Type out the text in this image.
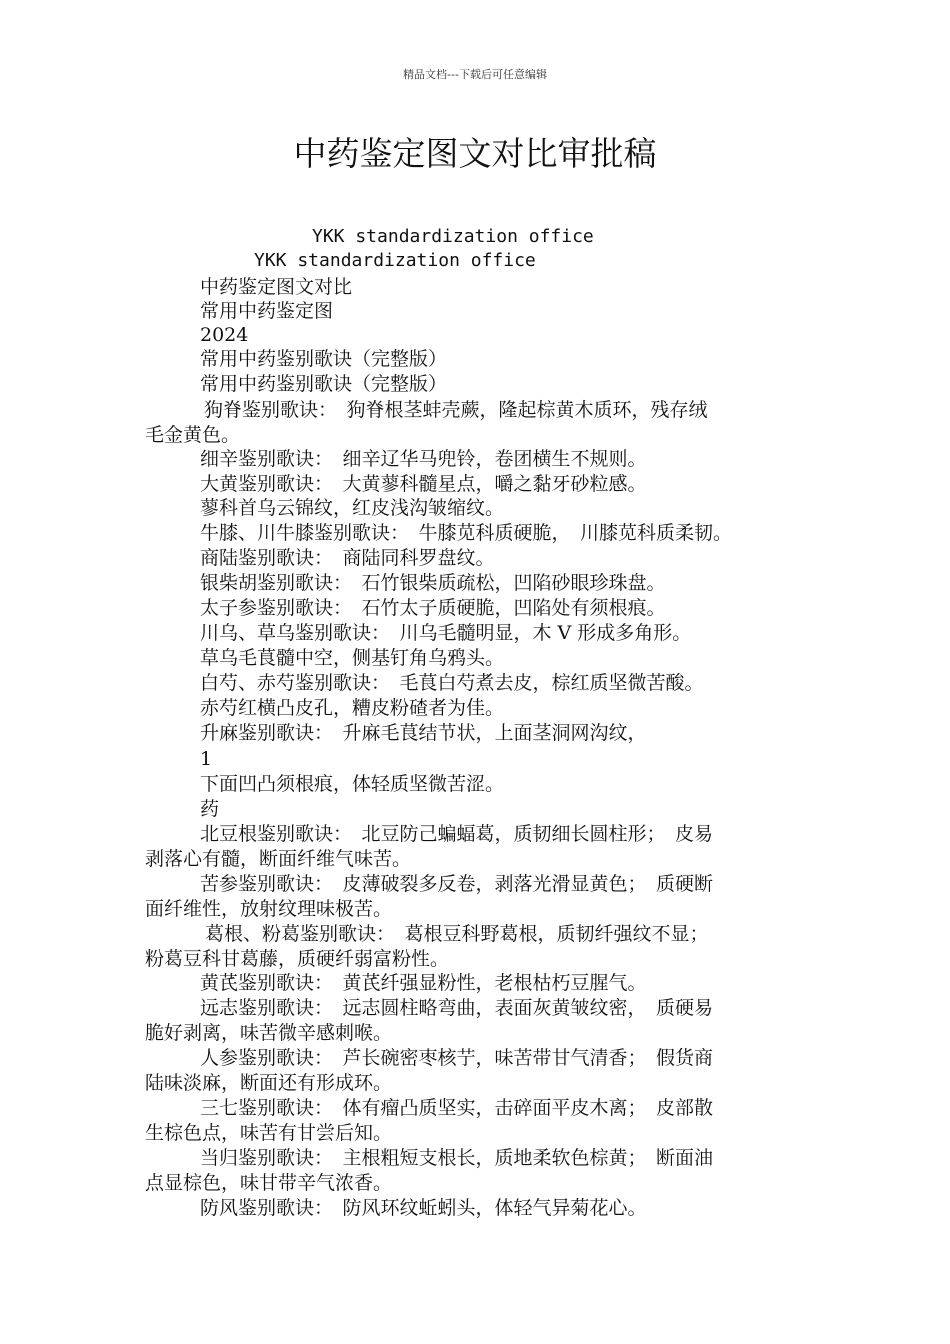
精品文档---下载后可任意编辑
中药鉴定图文对比审批稿
YKK standardization office
YKK standardization office
中药鉴定图文对比
常用中药鉴定图
2024
常用中药鉴别歌诀（完整版）
常用中药鉴别歌诀（完整版）
狗脊鉴别歌诀：　狗脊根茎蚌壳蕨，隆起棕黄木质环，残存绒
毛金黄色。
细辛鉴别歌诀：　细辛辽华马兜铃，卷团横生不规则。
大黄鉴别歌诀：　大黄蓼科髓星点，嚼之黏牙砂粒感。
蓼科首乌云锦纹，红皮浅沟皱缩纹。
牛膝、川牛膝鉴别歌诀：　牛膝苋科质硬脆，　川膝苋科质柔韧。
商陆鉴别歌诀：　商陆同科罗盘纹。
银柴胡鉴别歌诀：　石竹银柴质疏松，凹陷砂眼珍珠盘。
太子参鉴别歌诀：　石竹太子质硬脆，凹陷处有须根痕。
川乌、草乌鉴别歌诀：　川乌毛髓明显，木 V 形成多角形。
草乌毛茛髓中空，侧基钉角乌鸦头。
白芍、赤芍鉴别歌诀：　毛茛白芍煮去皮，棕红质坚微苦酸。
赤芍红横凸皮孔，糟皮粉碴者为佳。
升麻鉴别歌诀：　升麻毛茛结节状，上面茎洞网沟纹，
1
下面凹凸须根痕，体轻质坚微苦涩。
药
北豆根鉴别歌诀：　北豆防己蝙蝠葛，质韧细长圆柱形；　皮易
剥落心有髓，断面纤维气味苦。
苦参鉴别歌诀：　皮薄破裂多反卷，剥落光滑显黄色；　质硬断
面纤维性，放射纹理味极苦。
葛根、粉葛鉴别歌诀：　葛根豆科野葛根，质韧纤强纹不显；
粉葛豆科甘葛藤，质硬纤弱富粉性。
黄芪鉴别歌诀：　黄芪纤强显粉性，老根枯朽豆腥气。
远志鉴别歌诀：　远志圆柱略弯曲，表面灰黄皱纹密，　质硬易
脆好剥离，味苦微辛感刺喉。
人参鉴别歌诀：　芦长碗密枣核艼，味苦带甘气清香；　假货商
陆味淡麻，断面还有形成环。
三七鉴别歌诀：　体有瘤凸质坚实，击碎面平皮木离；　皮部散
生棕色点，味苦有甘尝后知。
当归鉴别歌诀：　主根粗短支根长，质地柔软色棕黄；　断面油
点显棕色，味甘带辛气浓香。
防风鉴别歌诀：　防风环纹蚯蚓头，体轻气异菊花心。
